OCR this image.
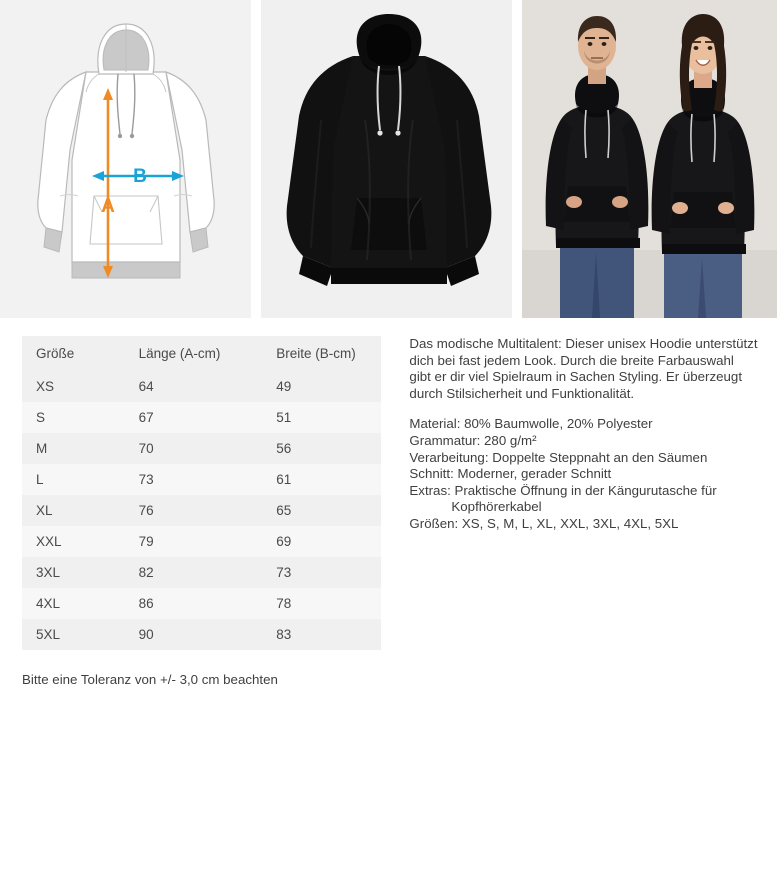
A
B
Größe	Länge (A-cm)	Breite (B-cm)
XS	64	49
S	67	51
M	70	56
L	73	61
XL	76	65
XXL	79	69
3XL	82	73
4XL	86	78
5XL	90	83

Das modische Multitalent: Dieser unisex Hoodie unterstützt dich bei fast jedem Look. Durch die breite Farbauswahl gibt er dir viel Spielraum in Sachen Styling. Er überzeugt durch Stilsicherheit und Funktionalität.

Material: 80% Baumwolle, 20% Polyester
Grammatur: 280 g/m²
Verarbeitung: Doppelte Steppnaht an den Säumen
Schnitt: Moderner, gerader Schnitt
Extras: Praktische Öffnung in der Kängurutasche für
Kopfhörerkabel
Größen: XS, S, M, L, XL, XXL, 3XL, 4XL, 5XL
Bitte eine Toleranz von +/- 3,0 cm beachten
